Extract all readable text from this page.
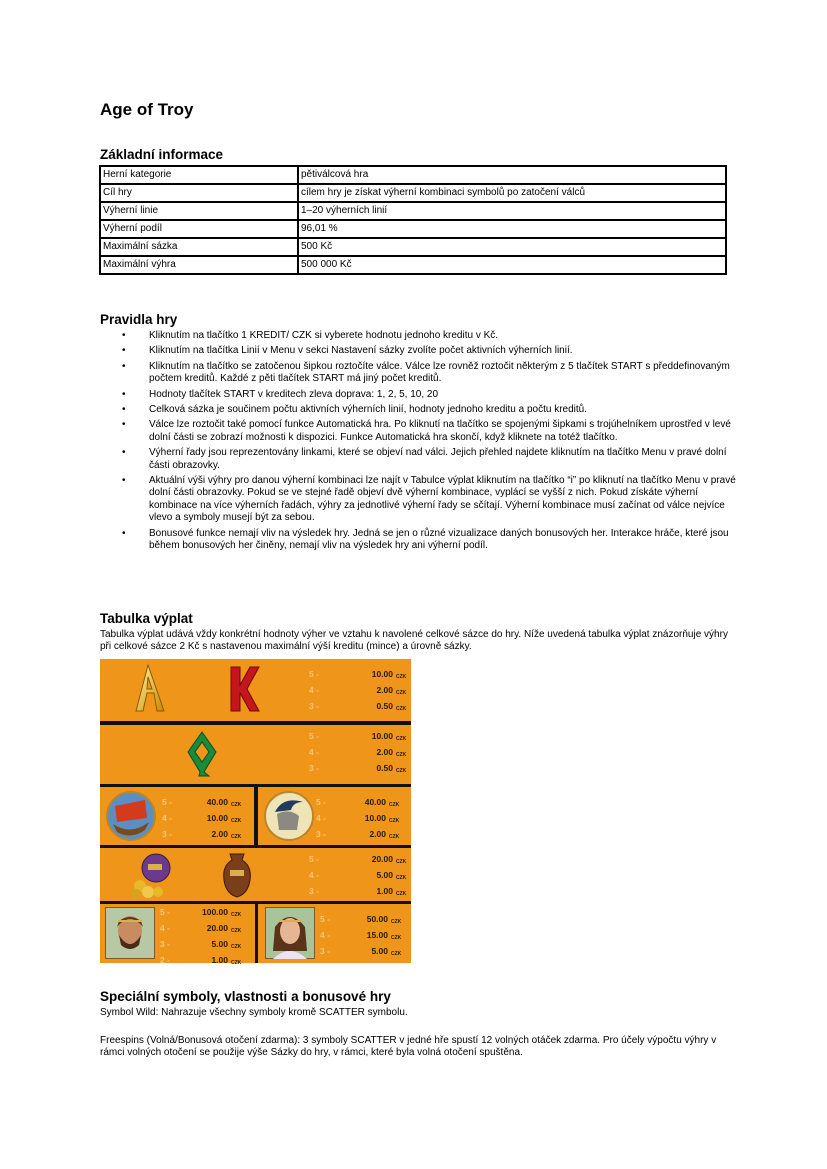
Age of Troy
Základní informace
Herní kategorie	pětiválcová hra
Cíl hry	cílem hry je získat výherní kombinaci symbolů po zatočení válců
Výherní linie	1–20 výherních linií
Výherní podíl	96,01 %
Maximální sázka	500 Kč
Maximální výhra	500 000 Kč
Pravidla hry
• Kliknutím na tlačítko 1 KREDIT/ CZK si vyberete hodnotu jednoho kreditu v Kč.
• Kliknutím na tlačítka Linií v Menu v sekci Nastavení sázky zvolíte počet aktivních výherních linií.
• Kliknutím na tlačítko se zatočenou šipkou roztočíte válce. Válce lze rovněž roztočit některým z 5 tlačítek START s předdefinovaným počtem kreditů. Každé z pěti tlačítek START má jiný počet kreditů.
• Hodnoty tlačítek START v kreditech zleva doprava: 1, 2, 5, 10, 20
• Celková sázka je součinem počtu aktivních výherních linií, hodnoty jednoho kreditu a počtu kreditů.
• Válce lze roztočit také pomocí funkce Automatická hra. Po kliknutí na tlačítko se spojenými šipkami s trojúhelníkem uprostřed v levé dolní části se zobrazí možnosti k dispozici. Funkce Automatická hra skončí, když kliknete na totéž tlačítko.
• Výherní řady jsou reprezentovány linkami, které se objeví nad válci. Jejich přehled najdete kliknutím na tlačítko Menu v pravé dolní části obrazovky.
• Aktuální výši výhry pro danou výherní kombinaci lze najít v Tabulce výplat kliknutím na tlačítko “i” po kliknutí na tlačítko Menu v pravé dolní části obrazovky. Pokud se ve stejné řadě objeví dvě výherní kombinace, vyplácí se vyšší z nich. Pokud získáte výherní kombinace na více výherních řadách, výhry za jednotlivé výherní řady se sčítají. Výherní kombinace musí začínat od válce nejvíce vlevo a symboly musejí být za sebou.
• Bonusové funkce nemají vliv na výsledek hry. Jedná se jen o různé vizualizace daných bonusových her. Interakce hráče, které jsou během bonusových her činěny, nemají vliv na výsledek hry ani výherní podíl.
Tabulka výplat
Tabulka výplat udává vždy konkrétní hodnoty výher ve vztahu k navolené celkové sázce do hry. Níže uvedená tabulka výplat znázorňuje výhry při celkové sázce 2 Kč s nastavenou maximální výší kreditu (mince) a úrovně sázky.
5 -	10.00 CZK
4 -	2.00 CZK
3 -	0.50 CZK
5 -	10.00 CZK
4 -	2.00 CZK
3 -	0.50 CZK
5 -	40.00 CZK
4 -	10.00 CZK
3 -	2.00 CZK
5 -	40.00 CZK
4 -	10.00 CZK
3 -	2.00 CZK
5 -	20.00 CZK
4 -	5.00 CZK
3 -	1.00 CZK
5 -	100.00 CZK
4 -	20.00 CZK
3 -	5.00 CZK
2 -	1.00 CZK
5 -	50.00 CZK
4 -	15.00 CZK
3 -	5.00 CZK
Speciální symboly, vlastnosti a bonusové hry
Symbol Wild: Nahrazuje všechny symboly kromě SCATTER symbolu.
Freespins (Volná/Bonusová otočení zdarma): 3 symboly SCATTER v jedné hře spustí 12 volných otáček zdarma. Pro účely výpočtu výhry v rámci volných otočení se použije výše Sázky do hry, v rámci, které byla volná otočení spuštěna.
